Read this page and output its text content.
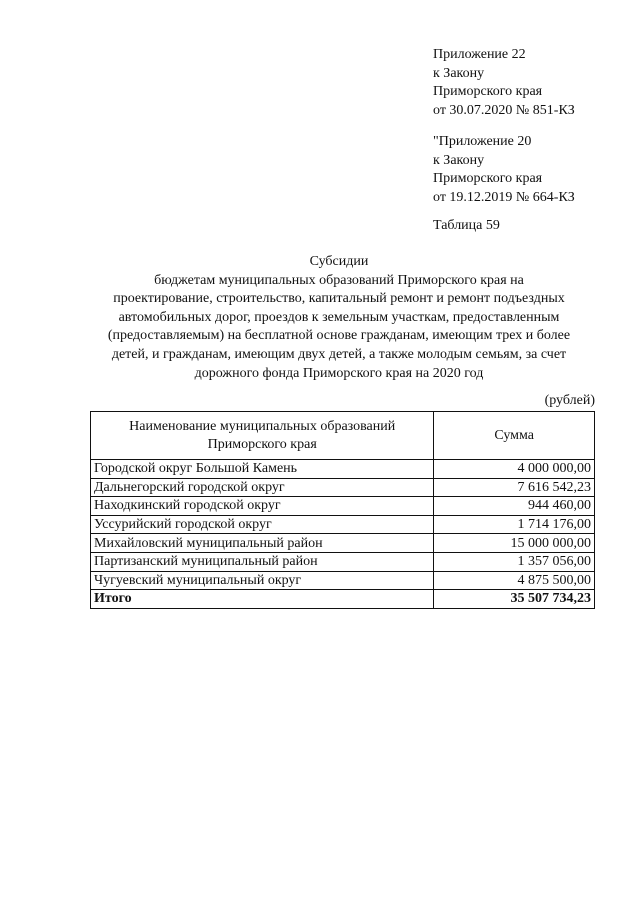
Приложение 22
к Закону
Приморского края
от 30.07.2020 № 851-КЗ
"Приложение 20
к Закону
Приморского края
от 19.12.2019 № 664-КЗ
Таблица 59
Субсидии
бюджетам муниципальных образований Приморского края на
проектирование, строительство, капитальный ремонт и ремонт подъездных
автомобильных дорог, проездов к земельным участкам, предоставленным
(предоставляемым) на бесплатной основе гражданам, имеющим трех и более
детей, и гражданам, имеющим двух детей, а также молодым семьям, за счет
дорожного фонда Приморского края на 2020 год
(рублей)
Наименование муниципальных образований Приморского края	Сумма
Городской округ Большой Камень	4 000 000,00
Дальнегорский городской округ	7 616 542,23
Находкинский городской округ	944 460,00
Уссурийский городской округ	1 714 176,00
Михайловский муниципальный район	15 000 000,00
Партизанский муниципальный район	1 357 056,00
Чугуевский муниципальный округ	4 875 500,00
Итого	35 507 734,23
